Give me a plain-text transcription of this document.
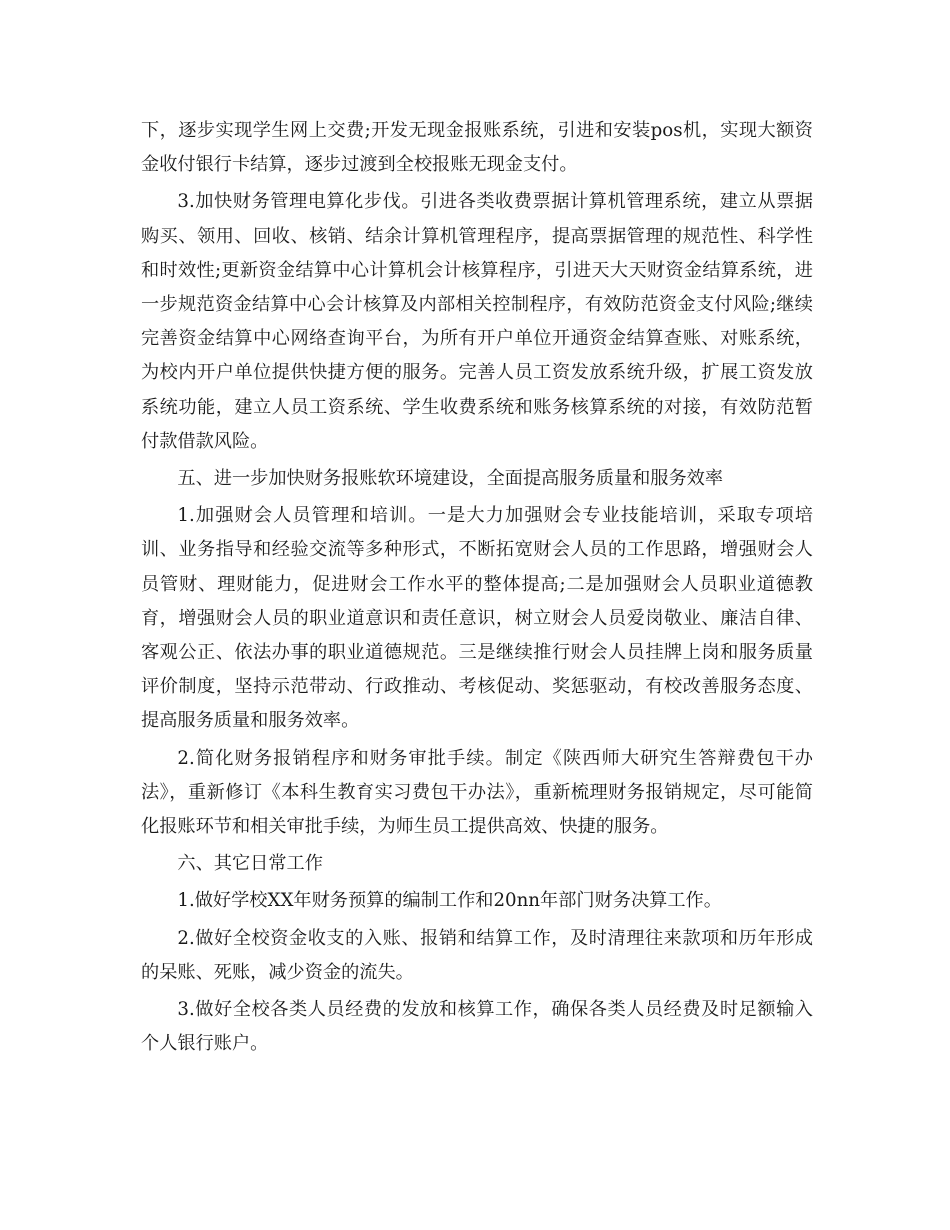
下，逐步实现学生网上交费;开发无现金报账系统，引进和安装pos机，实现大额资金收付银行卡结算，逐步过渡到全校报账无现金支付。

3.加快财务管理电算化步伐。引进各类收费票据计算机管理系统，建立从票据购买、领用、回收、核销、结余计算机管理程序，提高票据管理的规范性、科学性和时效性;更新资金结算中心计算机会计核算程序，引进天大天财资金结算系统，进一步规范资金结算中心会计核算及内部相关控制程序，有效防范资金支付风险;继续完善资金结算中心网络查询平台，为所有开户单位开通资金结算查账、对账系统，为校内开户单位提供快捷方便的服务。完善人员工资发放系统升级，扩展工资发放系统功能，建立人员工资系统、学生收费系统和账务核算系统的对接，有效防范暂付款借款风险。

五、进一步加快财务报账软环境建设，全面提高服务质量和服务效率

1.加强财会人员管理和培训。一是大力加强财会专业技能培训，采取专项培训、业务指导和经验交流等多种形式，不断拓宽财会人员的工作思路，增强财会人员管财、理财能力，促进财会工作水平的整体提高;二是加强财会人员职业道德教育，增强财会人员的职业道意识和责任意识，树立财会人员爱岗敬业、廉洁自律、客观公正、依法办事的职业道德规范。三是继续推行财会人员挂牌上岗和服务质量评价制度，坚持示范带动、行政推动、考核促动、奖惩驱动，有校改善服务态度、提高服务质量和服务效率。

2.简化财务报销程序和财务审批手续。制定《陕西师大研究生答辩费包干办法》，重新修订《本科生教育实习费包干办法》，重新梳理财务报销规定，尽可能简化报账环节和相关审批手续，为师生员工提供高效、快捷的服务。

六、其它日常工作

1.做好学校XX年财务预算的编制工作和20nn年部门财务决算工作。

2.做好全校资金收支的入账、报销和结算工作，及时清理往来款项和历年形成的呆账、死账，减少资金的流失。

3.做好全校各类人员经费的发放和核算工作，确保各类人员经费及时足额输入个人银行账户。
